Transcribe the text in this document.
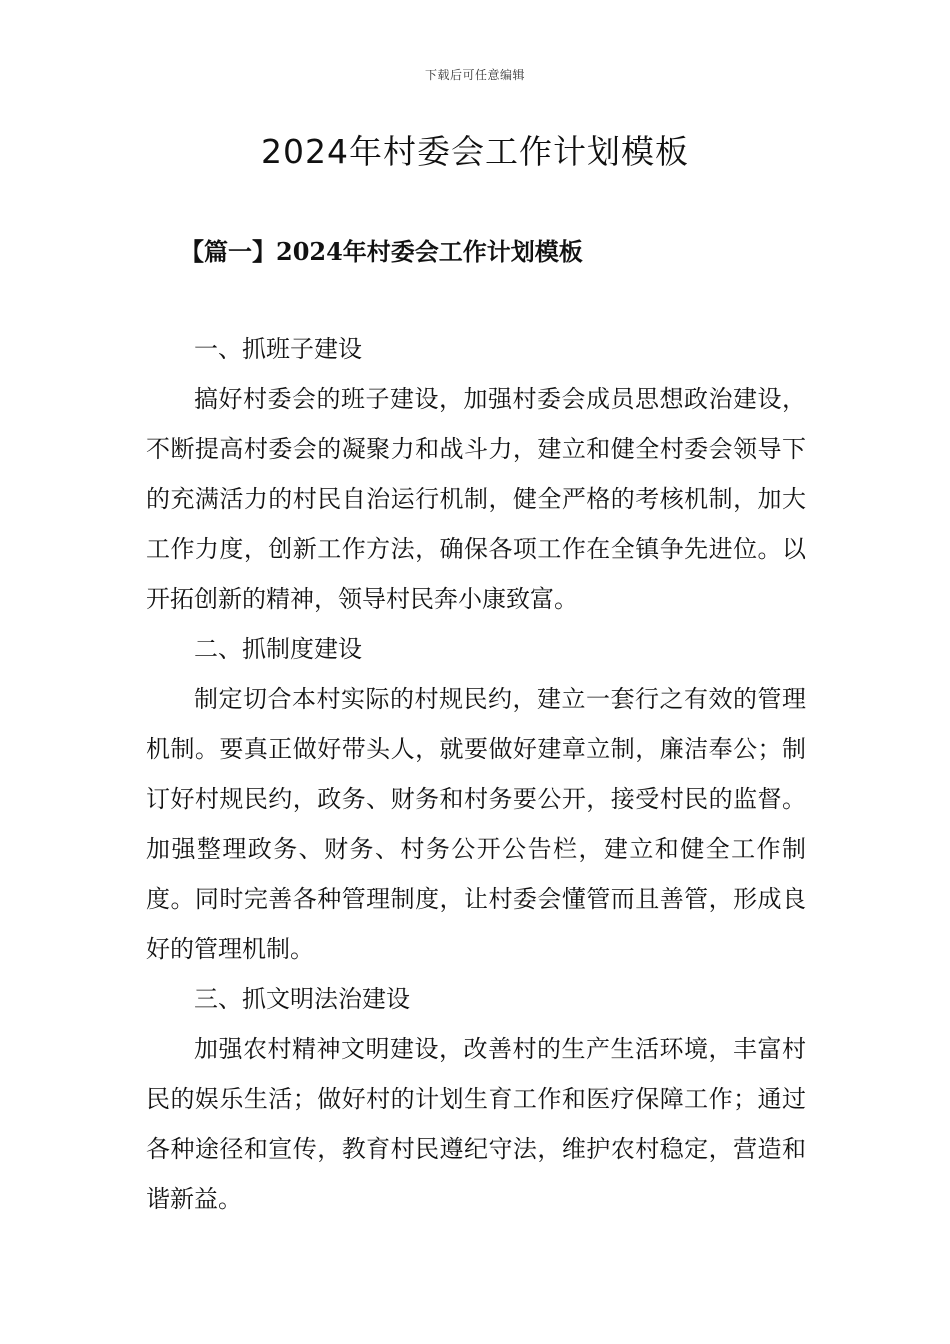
下载后可任意编辑
2024年村委会工作计划模板
【篇一】2024年村委会工作计划模板

一、抓班子建设

搞好村委会的班子建设，加强村委会成员思想政治建设，不断提高村委会的凝聚力和战斗力，建立和健全村委会领导下的充满活力的村民自治运行机制，健全严格的考核机制，加大工作力度，创新工作方法，确保各项工作在全镇争先进位。以开拓创新的精神，领导村民奔小康致富。

二、抓制度建设

制定切合本村实际的村规民约，建立一套行之有效的管理机制。要真正做好带头人，就要做好建章立制，廉洁奉公；制订好村规民约，政务、财务和村务要公开，接受村民的监督。加强整理政务、财务、村务公开公告栏，建立和健全工作制度。同时完善各种管理制度，让村委会懂管而且善管，形成良好的管理机制。

三、抓文明法治建设

加强农村精神文明建设，改善村的生产生活环境，丰富村民的娱乐生活；做好村的计划生育工作和医疗保障工作；通过各种途径和宣传，教育村民遵纪守法，维护农村稳定，营造和谐新益。
